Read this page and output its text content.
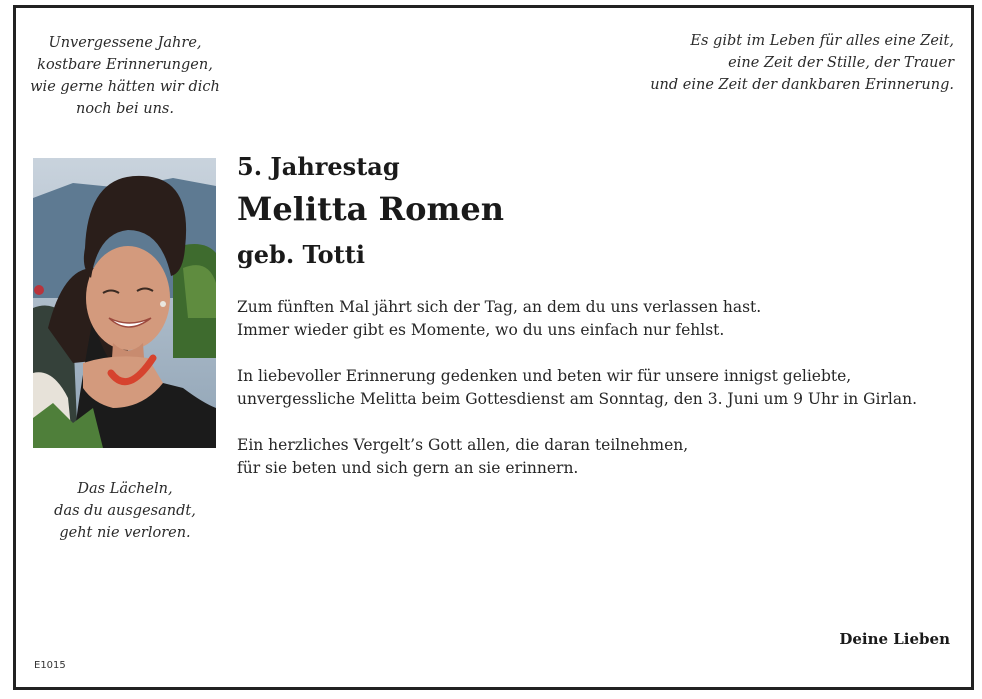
Unvergessene Jahre,
kostbare Erinnerungen,
wie gerne hätten wir dich
noch bei uns.
Es gibt im Leben für alles eine Zeit,
eine Zeit der Stille, der Trauer
und eine Zeit der dankbaren Erinnerung.
Das Lächeln,
das du ausgesandt,
geht nie verloren.
5. Jahrestag
Melitta Romen
geb. Totti
Zum fünften Mal jährt sich der Tag, an dem du uns verlassen hast.
Immer wieder gibt es Momente, wo du uns einfach nur fehlst.
In liebevoller Erinnerung gedenken und beten wir für unsere innigst geliebte,
unvergessliche Melitta beim Gottesdienst am Sonntag, den 3. Juni um 9 Uhr in Girlan.
Ein herzliches Vergelt’s Gott allen, die daran teilnehmen,
für sie beten und sich gern an sie erinnern.
Deine Lieben
E1015
